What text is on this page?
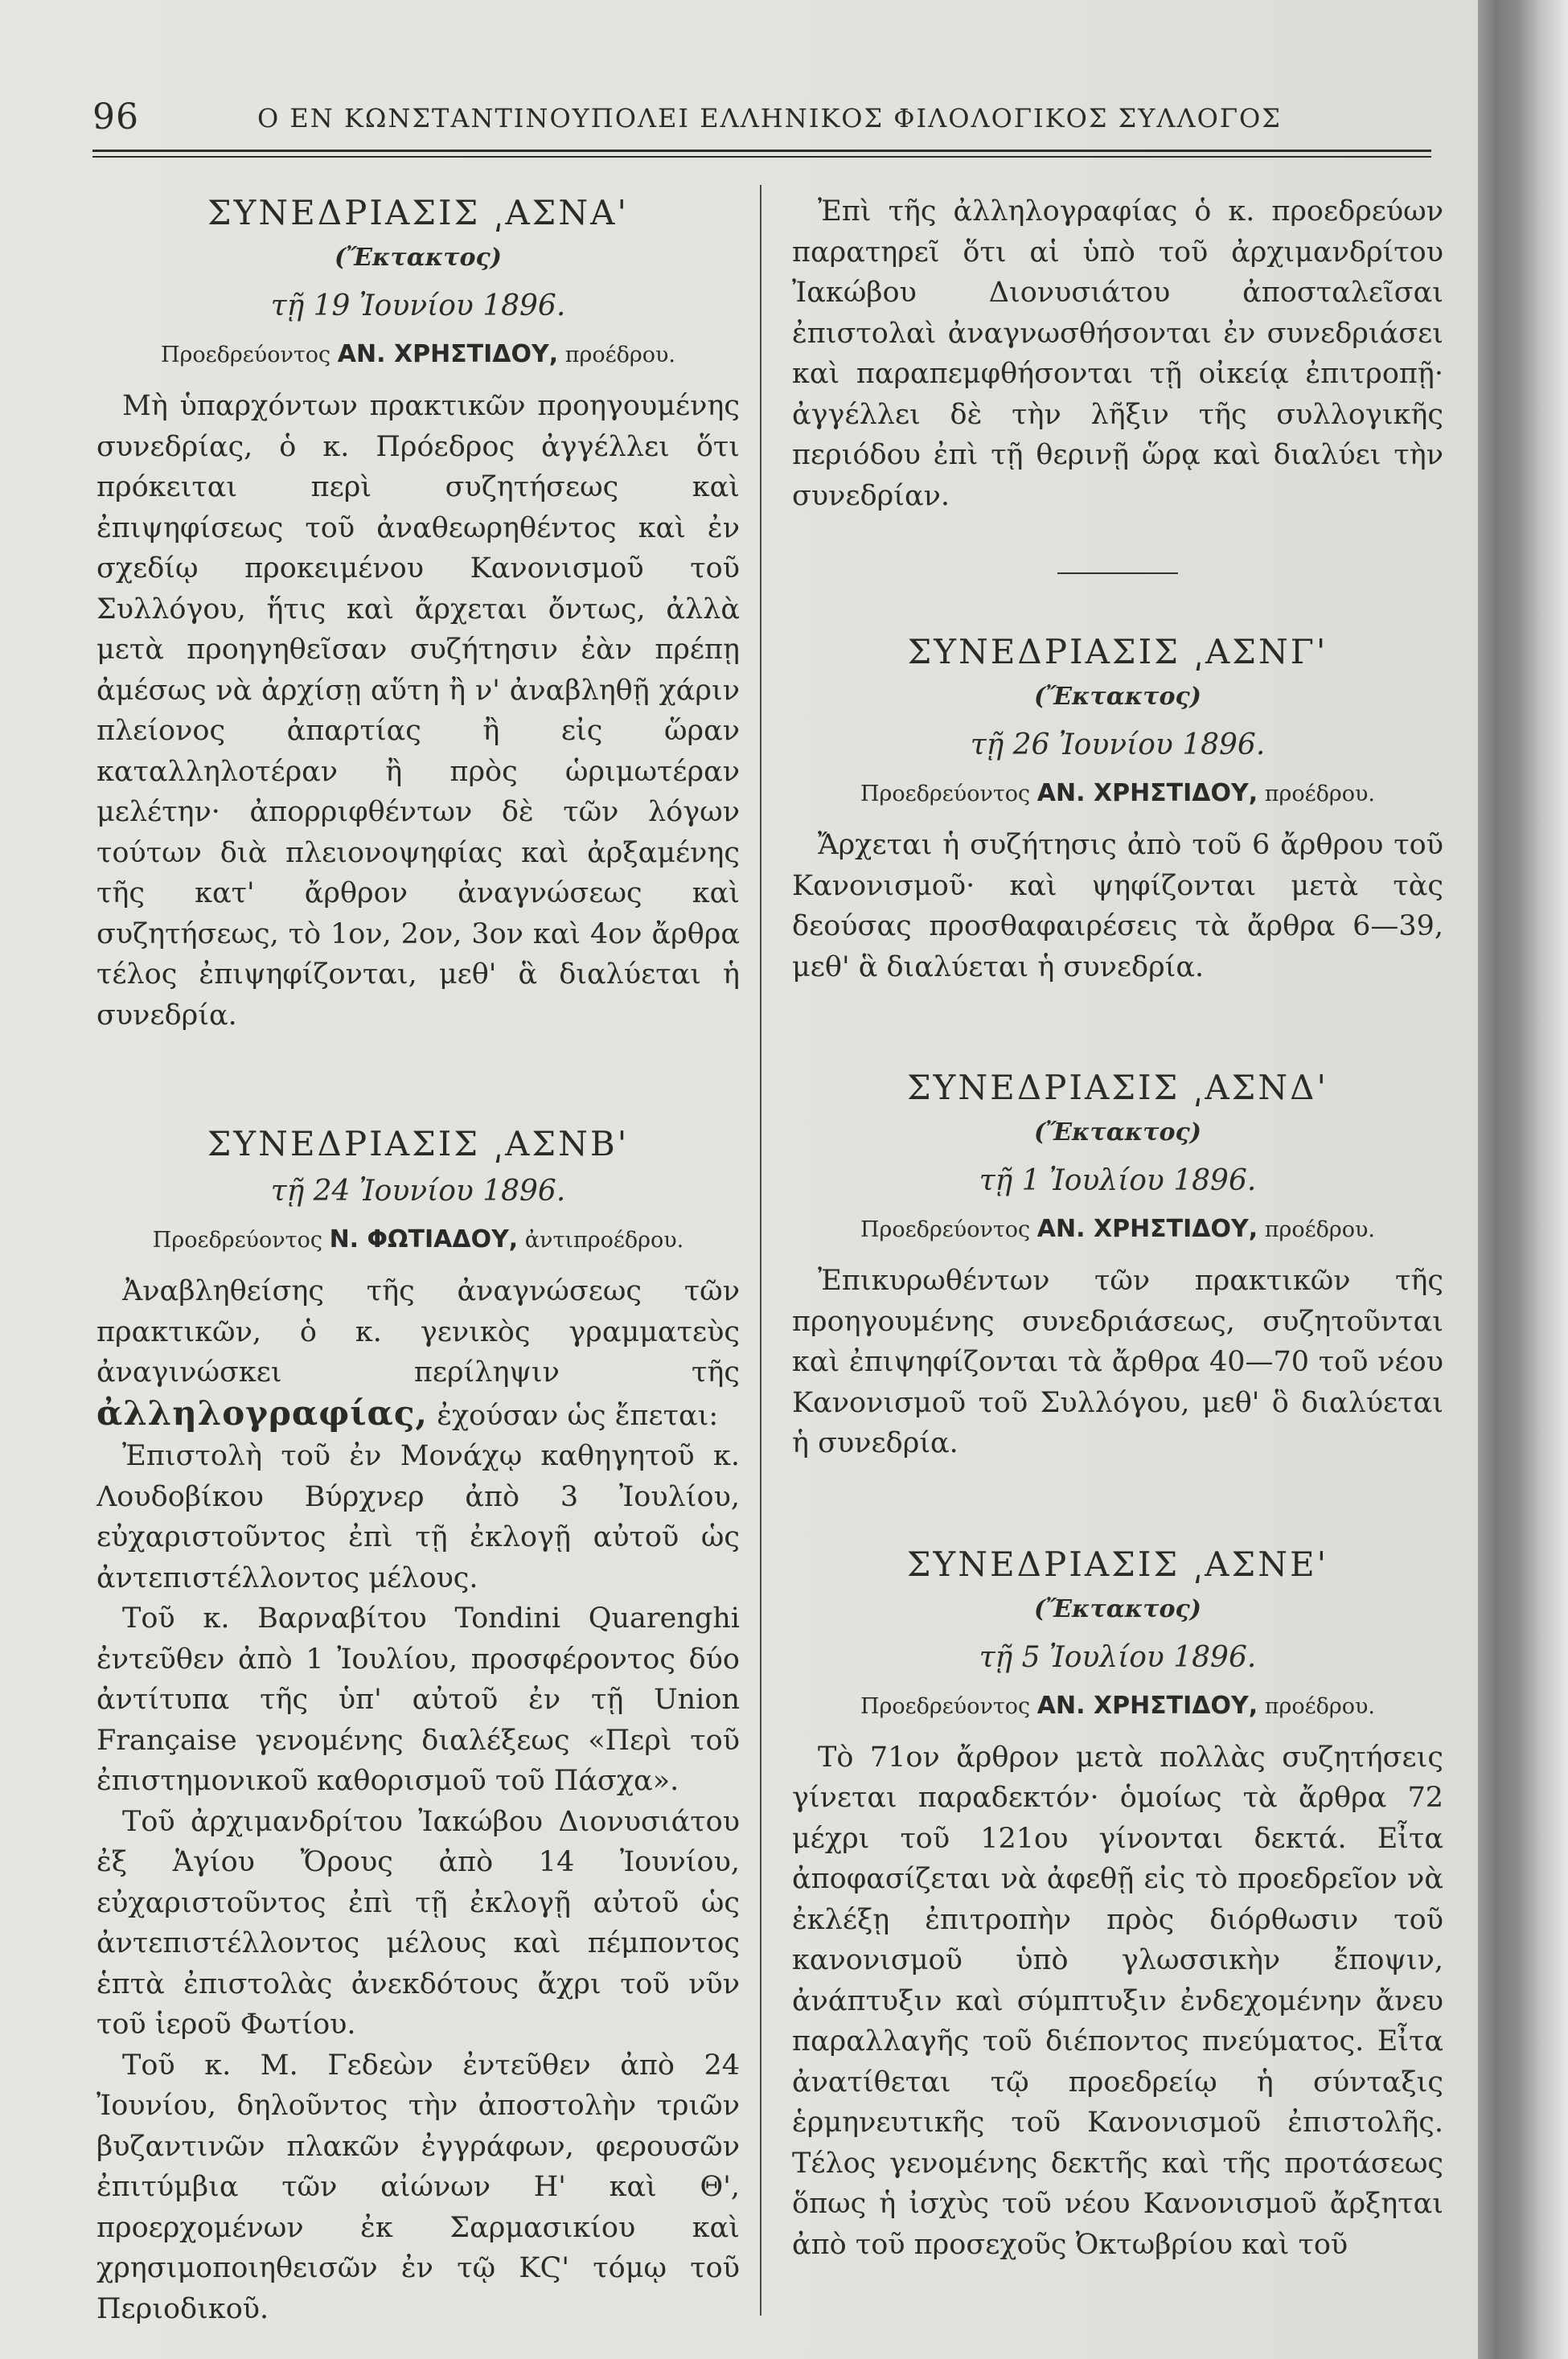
96	Ο ΕΝ ΚΩΝΣΤΑΝΤΙΝΟΥΠΟΛΕΙ ΕΛΛΗΝΙΚΟΣ ΦΙΛΟΛΟΓΙΚΟΣ ΣΥΛΛΟΓΟΣ
ΣΥΝΕΔΡΙΑΣΙΣ ͵ΑΣΝΑ'
(Ἔκτακτος)
τῇ 19 Ἰουνίου 1896.
Προεδρεύοντος ΑΝ. ΧΡΗΣΤΙΔΟΥ, προέδρου.

Μὴ ὑπαρχόντων πρακτικῶν προηγουμένης συνεδρίας, ὁ κ. Πρόεδρος ἀγγέλλει ὅτι πρόκειται περὶ συζητήσεως καὶ ἐπιψηφίσεως τοῦ ἀναθεωρηθέντος καὶ ἐν σχεδίῳ προκειμένου Κανονισμοῦ τοῦ Συλλόγου, ἥτις καὶ ἄρχεται ὄντως, ἀλλὰ μετὰ προηγηθεῖσαν συζήτησιν ἐὰν πρέπῃ ἀμέσως νὰ ἀρχίσῃ αὕτη ἢ ν' ἀναβληθῇ χάριν πλείονος ἀπαρτίας ἢ εἰς ὥραν καταλληλοτέραν ἢ πρὸς ὡριμωτέραν μελέτην· ἀπορριφθέντων δὲ τῶν λόγων τούτων διὰ πλειονοψηφίας καὶ ἀρξαμένης τῆς κατ' ἄρθρον ἀναγνώσεως καὶ συζητήσεως, τὸ 1ον, 2ον, 3ον καὶ 4ον ἄρθρα τέλος ἐπιψηφίζονται, μεθ' ἃ διαλύεται ἡ συνεδρία.

ΣΥΝΕΔΡΙΑΣΙΣ ͵ΑΣΝΒ'
τῇ 24 Ἰουνίου 1896.
Προεδρεύοντος Ν. ΦΩΤΙΑΔΟΥ, ἀντιπροέδρου.

Ἀναβληθείσης τῆς ἀναγνώσεως τῶν πρακτικῶν, ὁ κ. γενικὸς γραμματεὺς ἀναγινώσκει περίληψιν τῆς ἀλληλογραφίας, ἐχούσαν ὡς ἔπεται:

Ἐπιστολὴ τοῦ ἐν Μονάχῳ καθηγητοῦ κ. Λουδοβίκου Βύρχνερ ἀπὸ 3 Ἰουλίου, εὐχαριστοῦντος ἐπὶ τῇ ἐκλογῇ αὐτοῦ ὡς ἀντεπιστέλλοντος μέλους.

Τοῦ κ. Βαρναβίτου Tondini Quarenghi ἐντεῦθεν ἀπὸ 1 Ἰουλίου, προσφέροντος δύο ἀντίτυπα τῆς ὑπ' αὐτοῦ ἐν τῇ Union Française γενομένης διαλέξεως «Περὶ τοῦ ἐπιστημονικοῦ καθορισμοῦ τοῦ Πάσχα».

Τοῦ ἀρχιμανδρίτου Ἰακώβου Διονυσιάτου ἐξ Ἁγίου Ὄρους ἀπὸ 14 Ἰουνίου, εὐχαριστοῦντος ἐπὶ τῇ ἐκλογῇ αὐτοῦ ὡς ἀντεπιστέλλοντος μέλους καὶ πέμποντος ἑπτὰ ἐπιστολὰς ἀνεκδότους ἄχρι τοῦ νῦν τοῦ ἱεροῦ Φωτίου.

Τοῦ κ. Μ. Γεδεὼν ἐντεῦθεν ἀπὸ 24 Ἰουνίου, δηλοῦντος τὴν ἀποστολὴν τριῶν βυζαντινῶν πλακῶν ἐγγράφων, φερουσῶν ἐπιτύμβια τῶν αἰώνων Η' καὶ Θ', προερχομένων ἐκ Σαρμασικίου καὶ χρησιμοποιηθεισῶν ἐν τῷ ΚϚ' τόμῳ τοῦ Περιοδικοῦ.

Ἐπὶ τῆς ἀλληλογραφίας ὁ κ. προεδρεύων παρατηρεῖ ὅτι αἱ ὑπὸ τοῦ ἀρχιμανδρίτου Ἰακώβου Διονυσιάτου ἀποσταλεῖσαι ἐπιστολαὶ ἀναγνωσθήσονται ἐν συνεδριάσει καὶ παραπεμφθήσονται τῇ οἰκείᾳ ἐπιτροπῇ· ἀγγέλλει δὲ τὴν λῆξιν τῆς συλλογικῆς περιόδου ἐπὶ τῇ θερινῇ ὥρᾳ καὶ διαλύει τὴν συνεδρίαν.

ΣΥΝΕΔΡΙΑΣΙΣ ͵ΑΣΝΓ'
(Ἔκτακτος)
τῇ 26 Ἰουνίου 1896.
Προεδρεύοντος ΑΝ. ΧΡΗΣΤΙΔΟΥ, προέδρου.

Ἄρχεται ἡ συζήτησις ἀπὸ τοῦ 6 ἄρθρου τοῦ Κανονισμοῦ· καὶ ψηφίζονται μετὰ τὰς δεούσας προσθαφαιρέσεις τὰ ἄρθρα 6—39, μεθ' ἃ διαλύεται ἡ συνεδρία.

ΣΥΝΕΔΡΙΑΣΙΣ ͵ΑΣΝΔ'
(Ἔκτακτος)
τῇ 1 Ἰουλίου 1896.
Προεδρεύοντος ΑΝ. ΧΡΗΣΤΙΔΟΥ, προέδρου.

Ἐπικυρωθέντων τῶν πρακτικῶν τῆς προηγουμένης συνεδριάσεως, συζητοῦνται καὶ ἐπιψηφίζονται τὰ ἄρθρα 40—70 τοῦ νέου Κανονισμοῦ τοῦ Συλλόγου, μεθ' ὃ διαλύεται ἡ συνεδρία.

ΣΥΝΕΔΡΙΑΣΙΣ ͵ΑΣΝΕ'
(Ἔκτακτος)
τῇ 5 Ἰουλίου 1896.
Προεδρεύοντος ΑΝ. ΧΡΗΣΤΙΔΟΥ, προέδρου.

Τὸ 71ον ἄρθρον μετὰ πολλὰς συζητήσεις γίνεται παραδεκτόν· ὁμοίως τὰ ἄρθρα 72 μέχρι τοῦ 121ου γίνονται δεκτά. Εἶτα ἀποφασίζεται νὰ ἀφεθῇ εἰς τὸ προεδρεῖον νὰ ἐκλέξῃ ἐπιτροπὴν πρὸς διόρθωσιν τοῦ κανονισμοῦ ὑπὸ γλωσσικὴν ἔποψιν, ἀνάπτυξιν καὶ σύμπτυξιν ἐνδεχομένην ἄνευ παραλλαγῆς τοῦ διέποντος πνεύματος. Εἶτα ἀνατίθεται τῷ προεδρείῳ ἡ σύνταξις ἑρμηνευτικῆς τοῦ Κανονισμοῦ ἐπιστολῆς. Τέλος γενομένης δεκτῆς καὶ τῆς προτάσεως ὅπως ἡ ἰσχὺς τοῦ νέου Κανονισμοῦ ἄρξηται ἀπὸ τοῦ προσεχοῦς Ὀκτωβρίου καὶ τοῦ
